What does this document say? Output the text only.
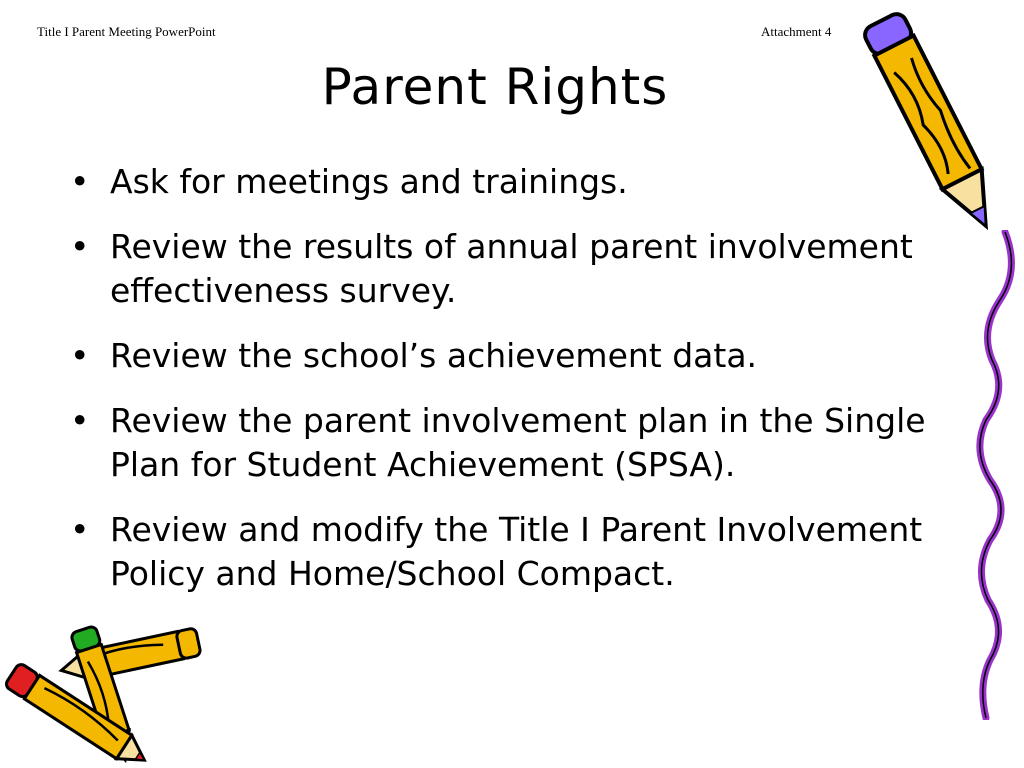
Title I Parent Meeting PowerPoint	Attachment 4
Parent Rights
• Ask for meetings and trainings.
• Review the results of annual parent involvement effectiveness survey.
• Review the school’s achievement data.
• Review the parent involvement plan in the Single Plan for Student Achievement (SPSA).
• Review and modify the Title I Parent Involvement Policy and Home/School Compact.
